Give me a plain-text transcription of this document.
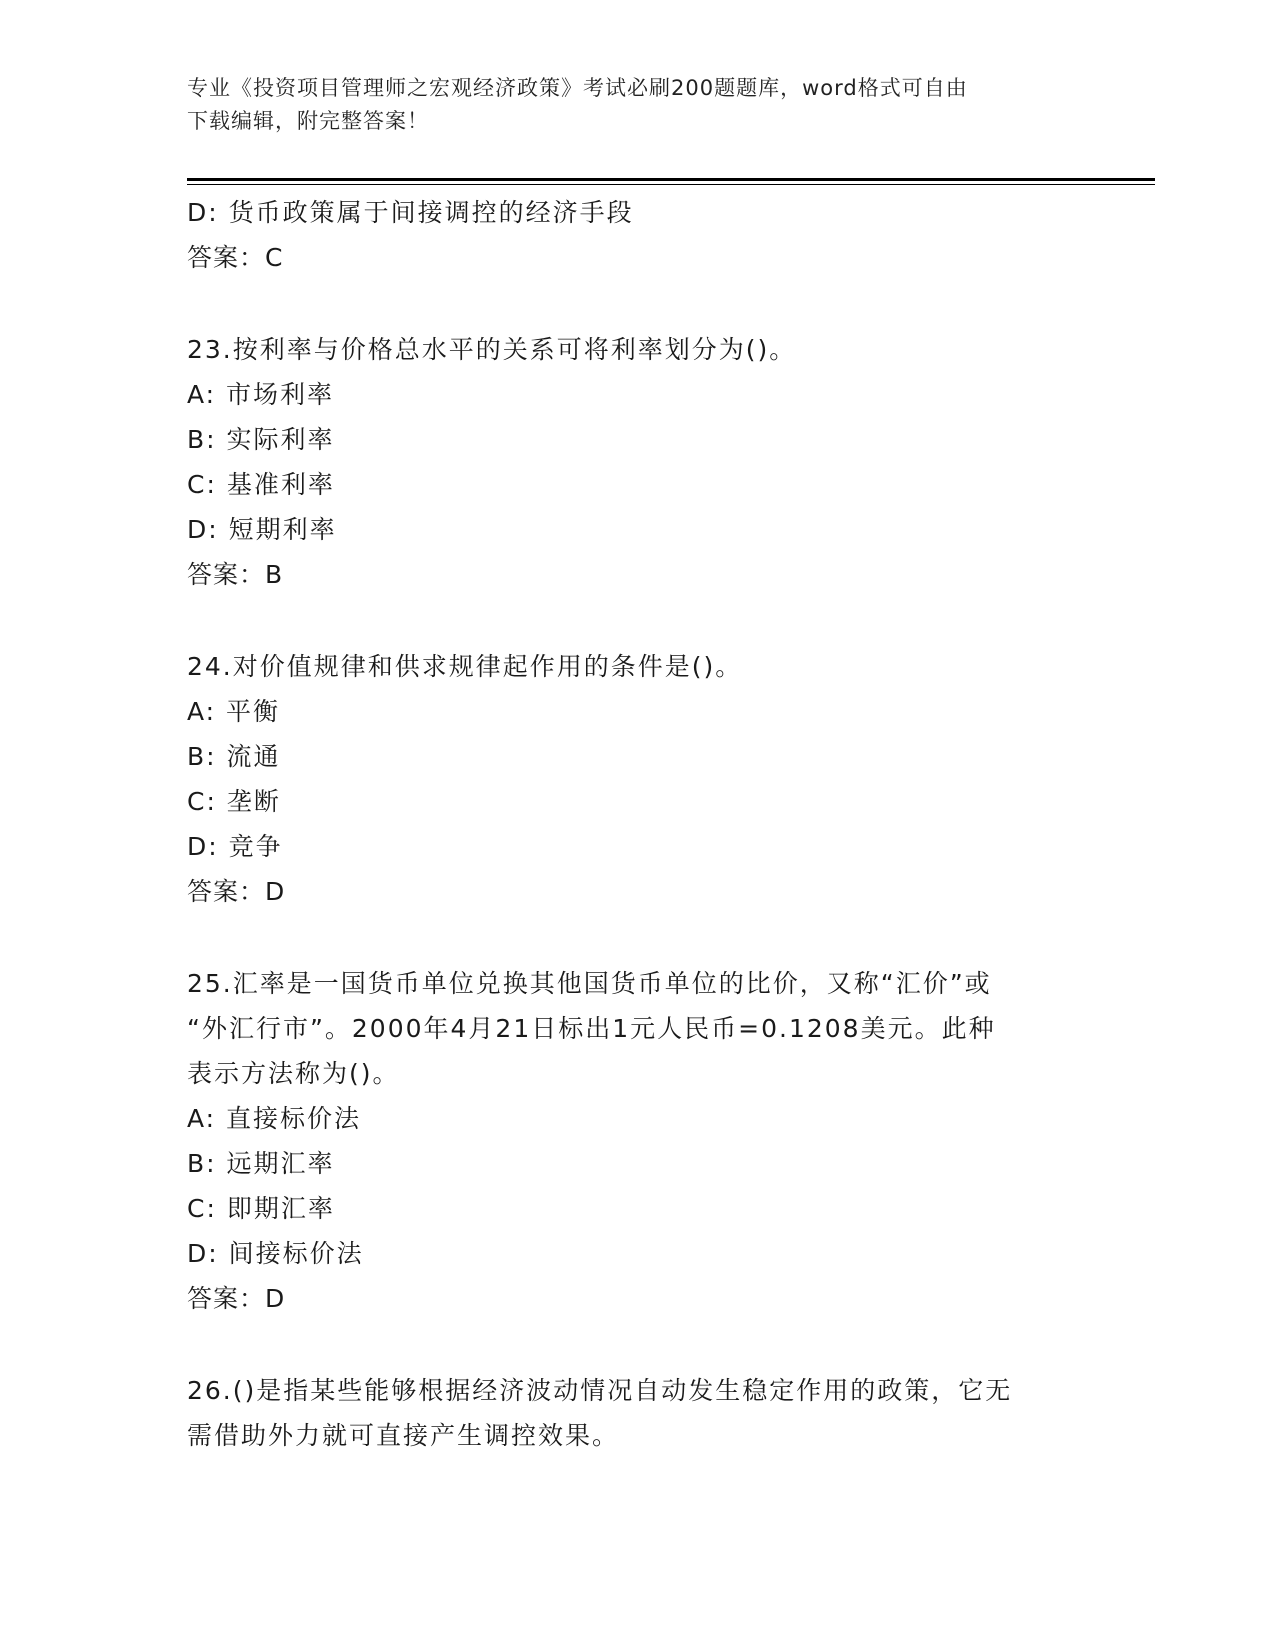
专业《投资项目管理师之宏观经济政策》考试必刷200题题库，word格式可自由
下载编辑，附完整答案！
D: 货币政策属于间接调控的经济手段
答案：C
23.按利率与价格总水平的关系可将利率划分为()。
A: 市场利率
B: 实际利率
C: 基准利率
D: 短期利率
答案：B
24.对价值规律和供求规律起作用的条件是()。
A: 平衡
B: 流通
C: 垄断
D: 竞争
答案：D
25.汇率是一国货币单位兑换其他国货币单位的比价，又称“汇价”或
“外汇行市”。2000年4月21日标出1元人民币=0.1208美元。此种
表示方法称为()。
A: 直接标价法
B: 远期汇率
C: 即期汇率
D: 间接标价法
答案：D
26.()是指某些能够根据经济波动情况自动发生稳定作用的政策，它无
需借助外力就可直接产生调控效果。
